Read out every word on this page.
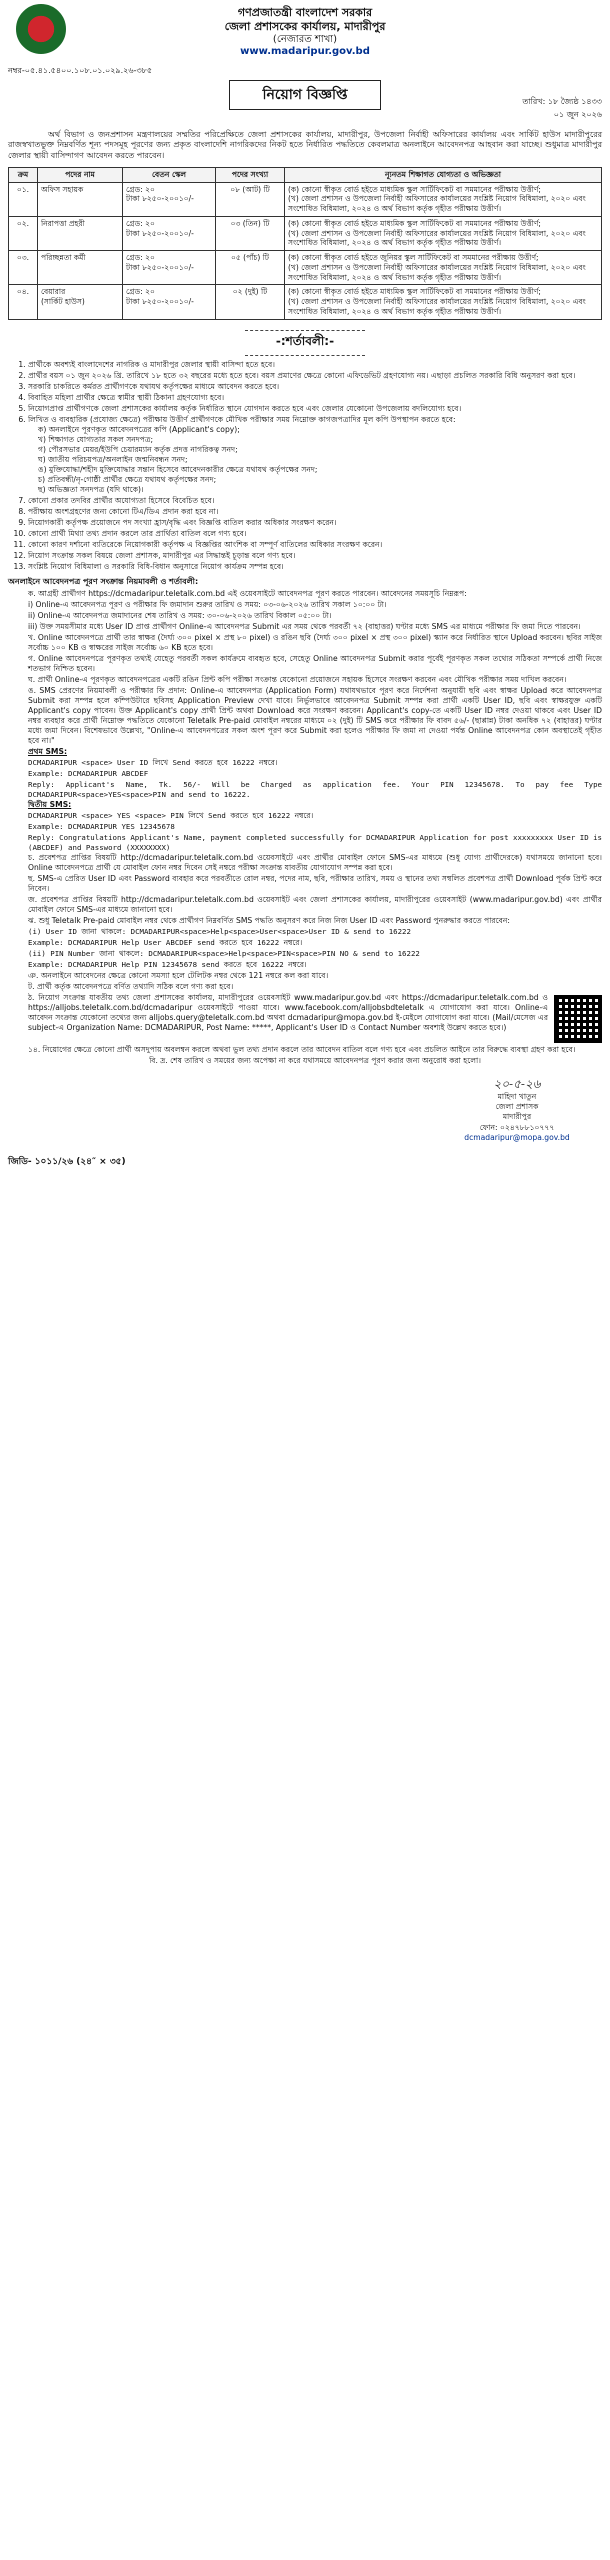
গণপ্রজাতন্ত্রী বাংলাদেশ সরকার
জেলা প্রশাসকের কার্যালয়, মাদারীপুর
(নেজারত শাখা)
www.madaripur.gov.bd
নম্বর-০৫.৪১.৫৪০০.১০৮.০১.০২৯.২৬-৩৮৫
নিয়োগ বিজ্ঞপ্তি	তারিখ: ১৮ জ্যৈষ্ঠ ১৪৩৩
০১ জুন ২০২৬
অর্থ বিভাগ ও জনপ্রশাসন মন্ত্রণালয়ের সম্মতির পরিপ্রেক্ষিতে জেলা প্রশাসকের কার্যালয়, মাদারীপুর, উপজেলা নির্বাহী অফিসারের কার্যালয় এবং সার্কিট হাউস মাদারীপুরের রাজস্বখাতভুক্ত নিম্নবর্ণিত শূন্য পদসমূহ পূরণের জন্য প্রকৃত বাংলাদেশি নাগরিকদের নিকট হতে নির্ধারিত পদ্ধতিতে কেবলমাত্র অনলাইনে আবেদনপত্র আহবান করা যাচ্ছে। শুধুমাত্র মাদারীপুর জেলার স্থায়ী বাসিন্দাগণ আবেদন করতে পারবেন।
ক্রম	পদের নাম	বেতন স্কেল	পদের সংখ্যা	ন্যূনতম শিক্ষাগত যোগ্যতা ও অভিজ্ঞতা
০১.	অফিস সহায়ক	গ্রেড: ২০
টাকা ৮২৫০-২০০১০/-	০৮ (আট) টি	(ক) কোনো স্বীকৃত বোর্ড হইতে মাধ্যমিক স্কুল সার্টিফিকেট বা সমমানের পরীক্ষায় উত্তীর্ণ;
(খ) জেলা প্রশাসন ও উপজেলা নির্বাহী অফিসারের কার্যালয়ের সংশ্লিষ্ট নিয়োগ বিধিমালা, ২০২০ এবং সংশোধিত বিধিমালা, ২০২৪ ও অর্থ বিভাগ কর্তৃক গৃহীত পরীক্ষায় উত্তীর্ণ।
০২.	নিরাপত্তা প্রহরী	গ্রেড: ২০
টাকা ৮২৫০-২০০১০/-	০৩ (তিন) টি	(ক) কোনো স্বীকৃত বোর্ড হইতে মাধ্যমিক স্কুল সার্টিফিকেট বা সমমানের পরীক্ষায় উত্তীর্ণ;
(খ) জেলা প্রশাসন ও উপজেলা নির্বাহী অফিসারের কার্যালয়ের সংশ্লিষ্ট নিয়োগ বিধিমালা, ২০২০ এবং সংশোধিত বিধিমালা, ২০২৪ ও অর্থ বিভাগ কর্তৃক গৃহীত পরীক্ষায় উত্তীর্ণ।
০৩.	পরিচ্ছন্নতা কর্মী	গ্রেড: ২০
টাকা ৮২৫০-২০০১০/-	০৫ (পাঁচ) টি	(ক) কোনো স্বীকৃত বোর্ড হইতে জুনিয়র স্কুল সার্টিফিকেট বা সমমানের পরীক্ষায় উত্তীর্ণ;
(খ) জেলা প্রশাসন ও উপজেলা নির্বাহী অফিসারের কার্যালয়ের সংশ্লিষ্ট নিয়োগ বিধিমালা, ২০২০ এবং সংশোধিত বিধিমালা, ২০২৪ ও অর্থ বিভাগ কর্তৃক গৃহীত পরীক্ষায় উত্তীর্ণ।
০৪.	বেয়ারার
(সার্কিট হাউস)	গ্রেড: ২০
টাকা ৮২৫০-২০০১০/-	০২ (দুই) টি	(ক) কোনো স্বীকৃত বোর্ড হইতে মাধ্যমিক স্কুল সার্টিফিকেট বা সমমানের পরীক্ষায় উত্তীর্ণ;
(খ) জেলা প্রশাসন ও উপজেলা নির্বাহী অফিসারের কার্যালয়ের সংশ্লিষ্ট নিয়োগ বিধিমালা, ২০২০ এবং সংশোধিত বিধিমালা, ২০২৪ ও অর্থ বিভাগ কর্তৃক গৃহীত পরীক্ষায় উত্তীর্ণ।
-:শর্তাবলী:-
1. প্রার্থীকে অবশ্যই বাংলাদেশের নাগরিক ও মাদারীপুর জেলার স্থায়ী বাসিন্দা হতে হবে।
2. প্রার্থীর বয়স ০১ জুন ২০২৬ খ্রি. তারিখে ১৮ হতে ৩২ বছরের মধ্যে হতে হবে। বয়স প্রমাণের ক্ষেত্রে কোনো এফিডেভিট গ্রহণযোগ্য নয়। এছাড়া প্রচলিত সরকারি বিধি অনুসরণ করা হবে।
3. সরকারি চাকরিতে কর্মরত প্রার্থীগণকে যথাযথ কর্তৃপক্ষের মাধ্যমে আবেদন করতে হবে।
4. বিবাহিত মহিলা প্রার্থীর ক্ষেত্রে স্বামীর স্থায়ী ঠিকানা গ্রহণযোগ্য হবে।
5. নিয়োগপ্রাপ্ত প্রার্থীগণকে জেলা প্রশাসকের কার্যালয় কর্তৃক নির্ধারিত স্থানে যোগদান করতে হবে এবং জেলার যেকোনো উপজেলায় বদলিযোগ্য হবে।
6. লিখিত ও ব্যবহারিক (প্রযোজ্য ক্ষেত্রে) পরীক্ষায় উত্তীর্ণ প্রার্থীগণকে মৌখিক পরীক্ষার সময় নিম্নোক্ত কাগজপত্রাদির মূল কপি উপস্থাপন করতে হবে:
ক) অনলাইনে পূরণকৃত আবেদনপত্রের কপি (Applicant's copy);
খ) শিক্ষাগত যোগ্যতার সকল সনদপত্র;
গ) পৌরসভার মেয়র/ইউপি চেয়ারম্যান কর্তৃক প্রদত্ত নাগরিকত্ব সনদ;
ঘ) জাতীয় পরিচয়পত্র/অনলাইন জন্মনিবন্ধন সনদ;
ঙ) মুক্তিযোদ্ধা/শহীদ মুক্তিযোদ্ধার সন্তান হিসেবে আবেদনকারীর ক্ষেত্রে যথাযথ কর্তৃপক্ষের সনদ;
চ) প্রতিবন্ধী/নৃ-গোষ্ঠী প্রার্থীর ক্ষেত্রে যথাযথ কর্তৃপক্ষের সনদ;
ছ) অভিজ্ঞতা সনদপত্র (যদি থাকে)।
7. কোনো প্রকার তদবির প্রার্থীর অযোগ্যতা হিসেবে বিবেচিত হবে।
8. পরীক্ষায় অংশগ্রহণের জন্য কোনো টিএ/ডিএ প্রদান করা হবে না।
9. নিয়োগকারী কর্তৃপক্ষ প্রয়োজনে পদ সংখ্যা হ্রাস/বৃদ্ধি এবং বিজ্ঞপ্তি বাতিল করার অধিকার সংরক্ষণ করেন।
10. কোনো প্রার্থী মিথ্যা তথ্য প্রদান করলে তার প্রার্থিতা বাতিল বলে গণ্য হবে।
11. কোনো কারণ দর্শানো ব্যতিরেকে নিয়োগকারী কর্তৃপক্ষ এ বিজ্ঞপ্তির আংশিক বা সম্পূর্ণ বাতিলের অধিকার সংরক্ষণ করেন।
12. নিয়োগ সংক্রান্ত সকল বিষয়ে জেলা প্রশাসক, মাদারীপুর এর সিদ্ধান্তই চূড়ান্ত বলে গণ্য হবে।
13. সংশ্লিষ্ট নিয়োগ বিধিমালা ও সরকারি বিধি-বিধান অনুসারে নিয়োগ কার্যক্রম সম্পন্ন হবে।
অনলাইনে আবেদনপত্র পূরণ সংক্রান্ত নিয়মাবলী ও শর্তাবলী:

ক. আগ্রহী প্রার্থীগণ https://dcmadaripur.teletalk.com.bd এই ওয়েবসাইটে আবেদনপত্র পূরণ করতে পারবেন। আবেদনের সময়সূচি নিম্নরূপ:

i) Online-এ আবেদনপত্র পূরণ ও পরীক্ষার ফি জমাদান শুরুর তারিখ ও সময়: ০৩-০৬-২০২৬ তারিখ সকাল ১০:০০ টা।

ii) Online-এ আবেদনপত্র জমাদানের শেষ তারিখ ও সময়: ৩০-০৬-২০২৬ তারিখ বিকাল ০৫:০০ টা।

iii) উক্ত সময়সীমার মধ্যে User ID প্রাপ্ত প্রার্থীগণ Online-এ আবেদনপত্র Submit এর সময় থেকে পরবর্তী ৭২ (বাহাত্তর) ঘণ্টার মধ্যে SMS এর মাধ্যমে পরীক্ষার ফি জমা দিতে পারবেন।

খ. Online আবেদনপত্রে প্রার্থী তার স্বাক্ষর (দৈর্ঘ্য ৩০০ pixel × প্রস্থ ৮০ pixel) ও রঙিন ছবি (দৈর্ঘ্য ৩০০ pixel × প্রস্থ ৩০০ pixel) স্ক্যান করে নির্ধারিত স্থানে Upload করবেন। ছবির সাইজ সর্বোচ্চ ১০০ KB ও স্বাক্ষরের সাইজ সর্বোচ্চ ৬০ KB হতে হবে।

গ. Online আবেদনপত্রে পূরণকৃত তথ্যই যেহেতু পরবর্তী সকল কার্যক্রমে ব্যবহৃত হবে, সেহেতু Online আবেদনপত্র Submit করার পূর্বেই পূরণকৃত সকল তথ্যের সঠিকতা সম্পর্কে প্রার্থী নিজে শতভাগ নিশ্চিত হবেন।

ঘ. প্রার্থী Online-এ পূরণকৃত আবেদনপত্রের একটি রঙিন প্রিন্ট কপি পরীক্ষা সংক্রান্ত যেকোনো প্রয়োজনে সহায়ক হিসেবে সংরক্ষণ করবেন এবং মৌখিক পরীক্ষার সময় দাখিল করবেন।

ঙ. SMS প্রেরণের নিয়মাবলী ও পরীক্ষার ফি প্রদান: Online-এ আবেদনপত্র (Application Form) যথাযথভাবে পূরণ করে নির্দেশনা অনুযায়ী ছবি এবং স্বাক্ষর Upload করে আবেদনপত্র Submit করা সম্পন্ন হলে কম্পিউটারে ছবিসহ Application Preview দেখা যাবে। নির্ভুলভাবে আবেদনপত্র Submit সম্পন্ন করা প্রার্থী একটি User ID, ছবি এবং স্বাক্ষরযুক্ত একটি Applicant's copy পাবেন। উক্ত Applicant's copy প্রার্থী প্রিন্ট অথবা Download করে সংরক্ষণ করবেন। Applicant's copy-তে একটি User ID নম্বর দেওয়া থাকবে এবং User ID নম্বর ব্যবহার করে প্রার্থী নিম্নোক্ত পদ্ধতিতে যেকোনো Teletalk Pre-paid মোবাইল নম্বরের মাধ্যমে ০২ (দুই) টি SMS করে পরীক্ষার ফি বাবদ ৫৬/- (ছাপ্পান্ন) টাকা অনধিক ৭২ (বাহাত্তর) ঘণ্টার মধ্যে জমা দিবেন। বিশেষভাবে উল্লেখ্য, "Online-এ আবেদনপত্রের সকল অংশ পূরণ করে Submit করা হলেও পরীক্ষার ফি জমা না দেওয়া পর্যন্ত Online আবেদনপত্র কোন অবস্থাতেই গৃহীত হবে না।"

প্রথম SMS:

DCMADARIPUR <space> User ID লিখে Send করতে হবে 16222 নম্বরে।

Example: DCMADARIPUR ABCDEF

Reply: Applicant's Name, Tk. 56/- Will be Charged as application fee. Your PIN 12345678. To pay fee Type DCMADARIPUR<space>YES<space>PIN and send to 16222.

দ্বিতীয় SMS:

DCMADARIPUR <space> YES <space> PIN লিখে Send করতে হবে 16222 নম্বরে।

Example: DCMADARIPUR YES 12345678

Reply: Congratulations Applicant's Name, payment completed successfully for DCMADARIPUR Application for post xxxxxxxxx User ID is (ABCDEF) and Password (XXXXXXXX)

চ. প্রবেশপত্র প্রাপ্তির বিষয়টি http://dcmadaripur.teletalk.com.bd ওয়েবসাইটে এবং প্রার্থীর মোবাইল ফোনে SMS-এর মাধ্যমে (শুধু যোগ্য প্রার্থীদেরকে) যথাসময়ে জানানো হবে। Online আবেদনপত্রে প্রার্থী যে মোবাইল ফোন নম্বর দিবেন সেই নম্বরে পরীক্ষা সংক্রান্ত যাবতীয় যোগাযোগ সম্পন্ন করা হবে।

ছ. SMS-এ প্রেরিত User ID এবং Password ব্যবহার করে পরবর্তীতে রোল নম্বর, পদের নাম, ছবি, পরীক্ষার তারিখ, সময় ও স্থানের তথ্য সম্বলিত প্রবেশপত্র প্রার্থী Download পূর্বক প্রিন্ট করে নিবেন।

জ. প্রবেশপত্র প্রাপ্তির বিষয়টি http://dcmadaripur.teletalk.com.bd ওয়েবসাইট এবং জেলা প্রশাসকের কার্যালয়, মাদারীপুরের ওয়েবসাইট (www.madaripur.gov.bd) এবং প্রার্থীর মোবাইল ফোনে SMS-এর মাধ্যমে জানানো হবে।

ঝ. শুধু Teletalk Pre-paid মোবাইল নম্বর থেকে প্রার্থীগণ নিম্নবর্ণিত SMS পদ্ধতি অনুসরণ করে নিজ নিজ User ID এবং Password পুনরুদ্ধার করতে পারবেন:

(i) User ID জানা থাকলে: DCMADARIPUR<space>Help<space>User<space>User ID & send to 16222

Example: DCMADARIPUR Help User ABCDEF send করতে হবে 16222 নম্বরে।

(ii) PIN Number জানা থাকলে: DCMADARIPUR<space>Help<space>PIN<space>PIN NO & send to 16222

Example: DCMADARIPUR Help PIN 12345678 send করতে হবে 16222 নম্বরে।

ঞ. অনলাইনে আবেদনের ক্ষেত্রে কোনো সমস্যা হলে টেলিটক নম্বর থেকে 121 নম্বরে কল করা যাবে।

ট. প্রার্থী কর্তৃক আবেদনপত্রে বর্ণিত তথ্যাদি সঠিক বলে গণ্য করা হবে।

ঠ. নিয়োগ সংক্রান্ত যাবতীয় তথ্য জেলা প্রশাসকের কার্যালয়, মাদারীপুরের ওয়েবসাইট www.madaripur.gov.bd এবং https://dcmadaripur.teletalk.com.bd ও https://alljobs.teletalk.com.bd/dcmadaripur ওয়েবসাইটে পাওয়া যাবে। www.facebook.com/alljobsbdteletalk এ যোগাযোগ করা যাবে। Online-এ আবেদন সংক্রান্ত যেকোনো তথ্যের জন্য alljobs.query@teletalk.com.bd অথবা dcmadaripur@mopa.gov.bd ই-মেইলে যোগাযোগ করা যাবে। (Mail/মেসেজ এর subject-এ Organization Name: DCMADARIPUR, Post Name: *****, Applicant's User ID ও Contact Number অবশ্যই উল্লেখ করতে হবে।)

১৪. নিয়োগের ক্ষেত্রে কোনো প্রার্থী অসদুপায় অবলম্বন করলে অথবা ভুল তথ্য প্রদান করলে তার আবেদন বাতিল বলে গণ্য হবে এবং প্রচলিত আইনে তার বিরুদ্ধে ব্যবস্থা গ্রহণ করা হবে।

বি. দ্র. শেষ তারিখ ও সময়ের জন্য অপেক্ষা না করে যথাসময়ে আবেদনপত্র পূরণ করার জন্য অনুরোধ করা হলো।

২০-৫-২৬
মাহিদা খাতুন
জেলা প্রশাসক
মাদারীপুর
ফোন: ০২৪৭৮৮১০৭৭৭
dcmadaripur@mopa.gov.bd
জিডি- ১০১১/২৬ (২৪″ × ৩৫)
